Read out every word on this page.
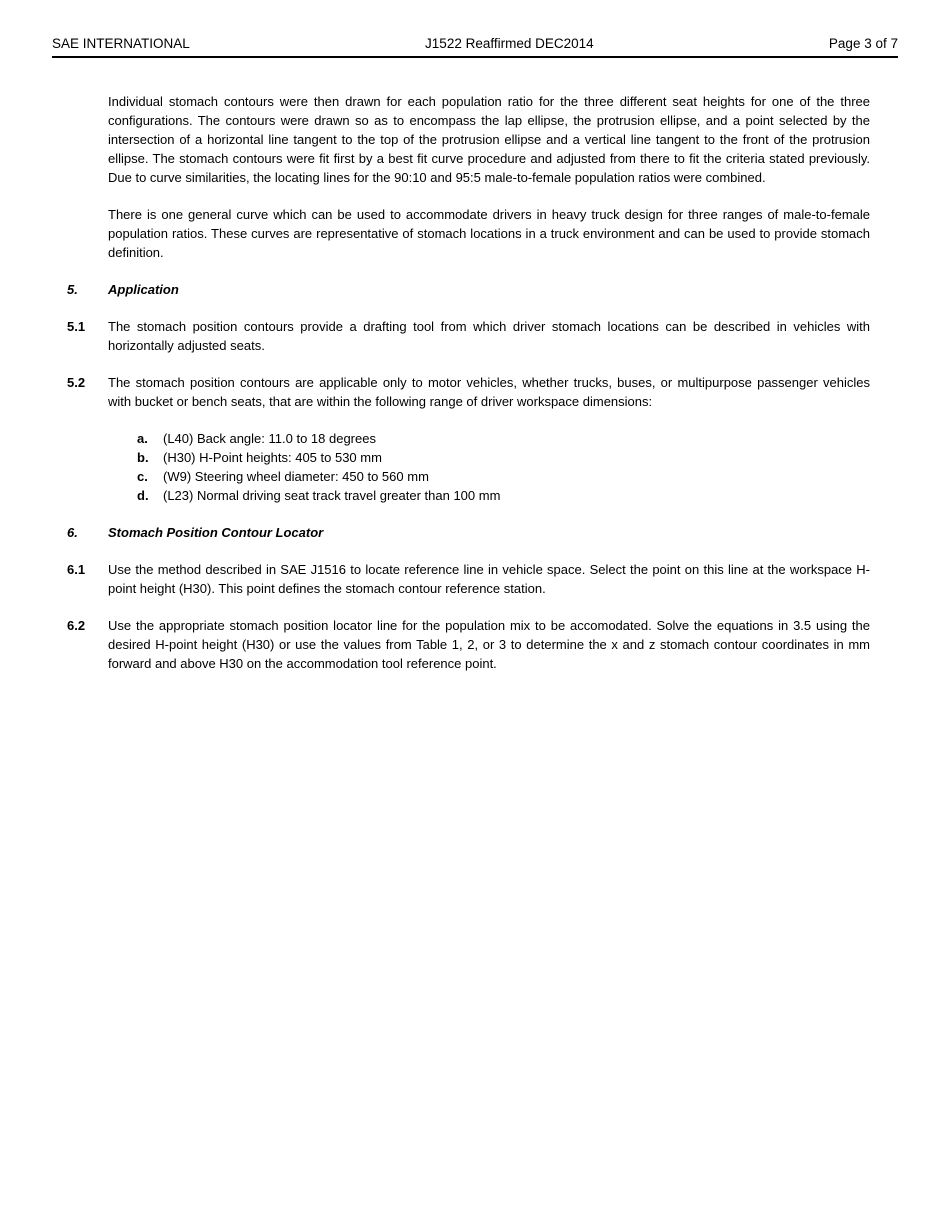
SAE INTERNATIONAL	J1522 Reaffirmed DEC2014	Page 3 of 7

Individual stomach contours were then drawn for each population ratio for the three different seat heights for one of the three configurations. The contours were drawn so as to encompass the lap ellipse, the protrusion ellipse, and a point selected by the intersection of a horizontal line tangent to the top of the protrusion ellipse and a vertical line tangent to the front of the protrusion ellipse. The stomach contours were fit first by a best fit curve procedure and adjusted from there to fit the criteria stated previously. Due to curve similarities, the locating lines for the 90:10 and 95:5 male-to-female population ratios were combined.

There is one general curve which can be used to accommodate drivers in heavy truck design for three ranges of male-to-female population ratios. These curves are representative of stomach locations in a truck environment and can be used to provide stomach definition.

5. Application
5.1 The stomach position contours provide a drafting tool from which driver stomach locations can be described in vehicles with horizontally adjusted seats.
5.2 The stomach position contours are applicable only to motor vehicles, whether trucks, buses, or multipurpose passenger vehicles with bucket or bench seats, that are within the following range of driver workspace dimensions:
a.	(L40) Back angle: 11.0 to 18 degrees
b.	(H30) H-Point heights: 405 to 530 mm
c.	(W9) Steering wheel diameter: 450 to 560 mm
d.	(L23) Normal driving seat track travel greater than 100 mm
6. Stomach Position Contour Locator
6.1 Use the method described in SAE J1516 to locate reference line in vehicle space. Select the point on this line at the workspace H-point height (H30). This point defines the stomach contour reference station.
6.2 Use the appropriate stomach position locator line for the population mix to be accomodated. Solve the equations in 3.5 using the desired H-point height (H30) or use the values from Table 1, 2, or 3 to determine the x and z stomach contour coordinates in mm forward and above H30 on the accommodation tool reference point.
